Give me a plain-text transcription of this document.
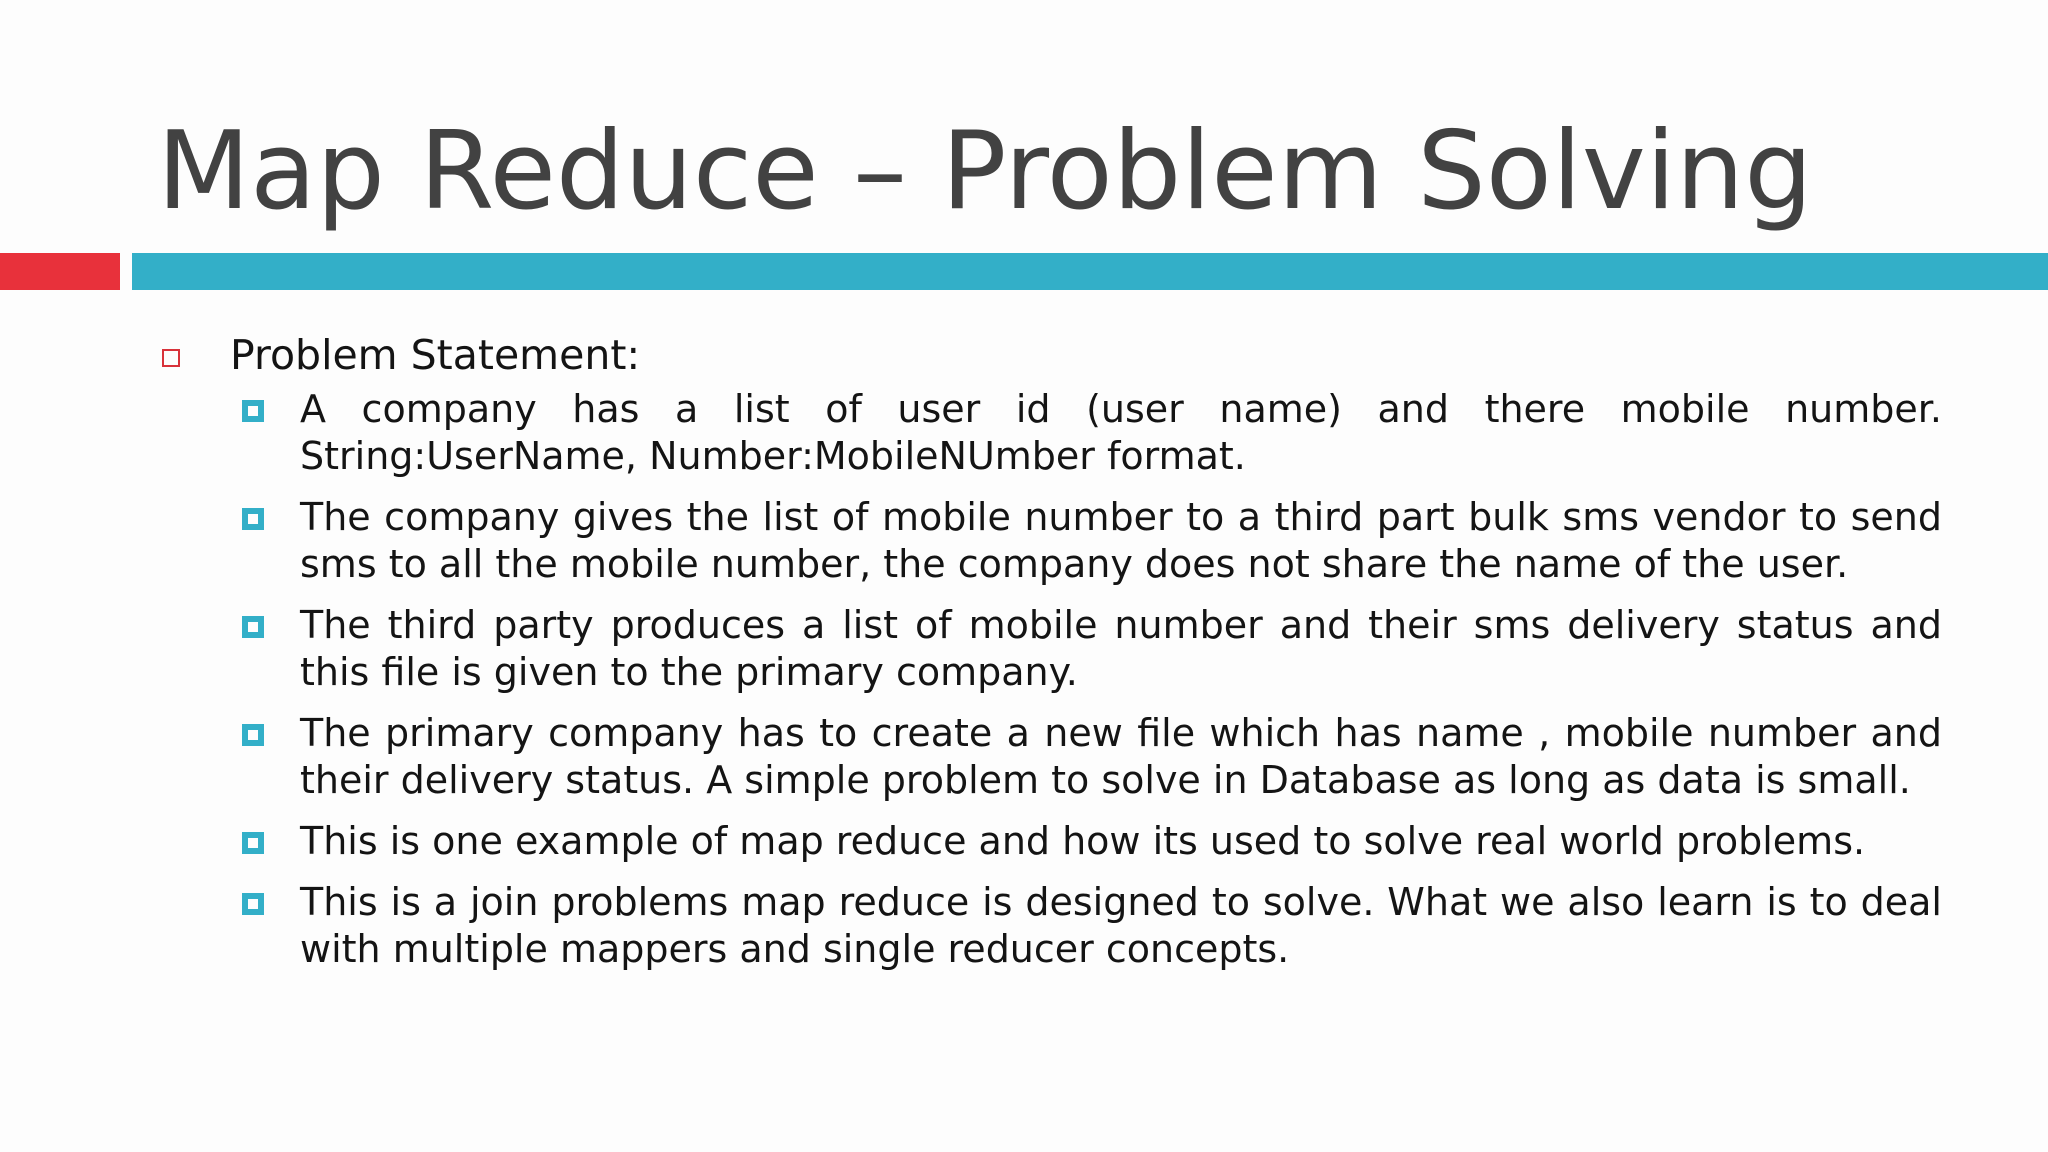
Map Reduce – Problem Solving
Problem Statement:
A company has a list of user id (user name) and there mobile number. String:UserName, Number:MobileNUmber format.
The company gives the list of mobile number to a third part bulk sms vendor to send sms to all the mobile number, the company does not share the name of the user.
The third party produces a list of mobile number and their sms delivery status and this file is given to the primary company.
The primary company has to create a new file which has name , mobile number and their delivery status. A simple problem to solve in Database as long as data is small.
This is one example of map reduce and how its used to solve real world problems.
This is a join problems map reduce is designed to solve. What we also learn is to deal with multiple mappers and single reducer concepts.
